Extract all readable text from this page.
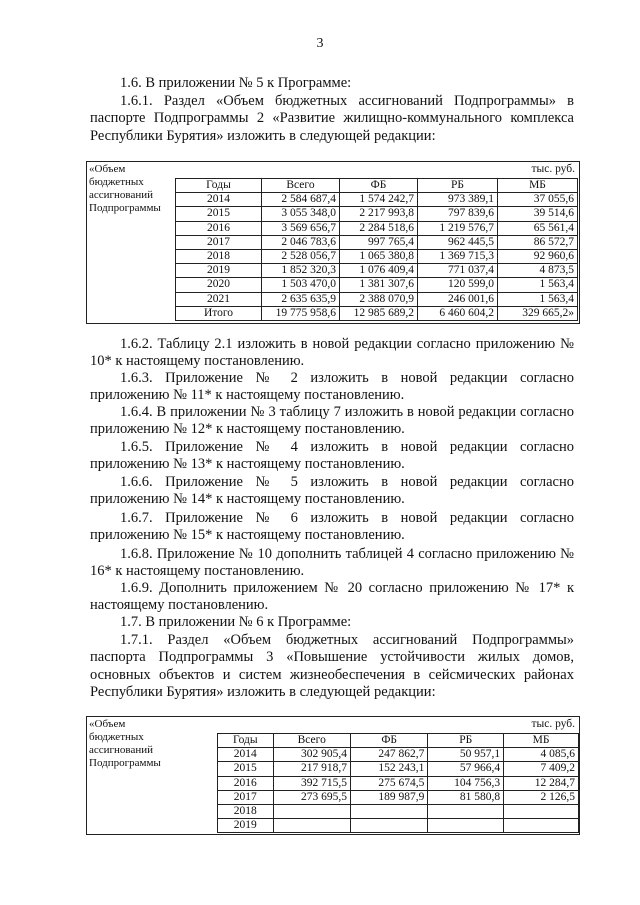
3

1.6. В приложении № 5 к Программе:

1.6.1. Раздел «Объем бюджетных ассигнований Подпрограммы» в паспорте Подпрограммы 2 «Развитие жилищно-коммунального комплекса Республики Бурятия» изложить в следующей редакции:

«Объем бюджетных ассигнований Подпрограммы
тыс. руб.
Годы	Всего	ФБ	РБ	МБ
2014	2 584 687,4	1 574 242,7	973 389,1	37 055,6
2015	3 055 348,0	2 217 993,8	797 839,6	39 514,6
2016	3 569 656,7	2 284 518,6	1 219 576,7	65 561,4
2017	2 046 783,6	997 765,4	962 445,5	86 572,7
2018	2 528 056,7	1 065 380,8	1 369 715,3	92 960,6
2019	1 852 320,3	1 076 409,4	771 037,4	4 873,5
2020	1 503 470,0	1 381 307,6	120 599,0	1 563,4
2021	2 635 635,9	2 388 070,9	246 001,6	1 563,4
Итого	19 775 958,6	12 985 689,2	6 460 604,2	329 665,2»

1.6.2. Таблицу 2.1 изложить в новой редакции согласно приложению № 10* к настоящему постановлению.

1.6.3. Приложение № 2 изложить в новой редакции согласно приложению № 11* к настоящему постановлению.

1.6.4. В приложении № 3 таблицу 7 изложить в новой редакции согласно приложению № 12* к настоящему постановлению.

1.6.5. Приложение № 4 изложить в новой редакции согласно приложению № 13* к настоящему постановлению.

1.6.6. Приложение № 5 изложить в новой редакции согласно приложению № 14* к настоящему постановлению.

1.6.7. Приложение № 6 изложить в новой редакции согласно приложению № 15* к настоящему постановлению.

1.6.8. Приложение № 10 дополнить таблицей 4 согласно приложению № 16* к настоящему постановлению.

1.6.9. Дополнить приложением № 20 согласно приложению № 17* к настоящему постановлению.

1.7. В приложении № 6 к Программе:

1.7.1. Раздел «Объем бюджетных ассигнований Подпрограммы» паспорта Подпрограммы 3 «Повышение устойчивости жилых домов, основных объектов и систем жизнеобеспечения в сейсмических районах Республики Бурятия» изложить в следующей редакции:

«Объем бюджетных ассигнований Подпрограммы
тыс. руб.
Годы	Всего	ФБ	РБ	МБ
2014	302 905,4	247 862,7	50 957,1	4 085,6
2015	217 918,7	152 243,1	57 966,4	7 409,2
2016	392 715,5	275 674,5	104 756,3	12 284,7
2017	273 695,5	189 987,9	81 580,8	2 126,5
2018				
2019				
